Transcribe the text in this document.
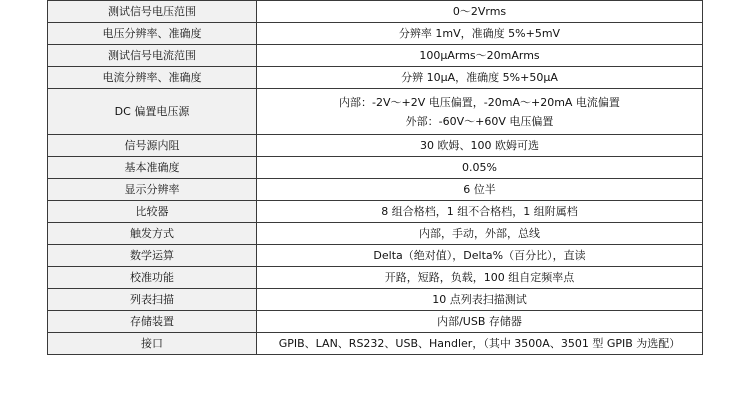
测试信号电压范围	0～2Vrms
电压分辨率、准确度	分辨率 1mV，准确度 5%+5mV
测试信号电流范围	100μArms～20mArms
电流分辨率、准确度	分辨 10μA，准确度 5%+50μA
DC 偏置电压源	内部：-2V～+2V 电压偏置，-20mA～+20mA 电流偏置
外部：-60V～+60V 电压偏置

信号源内阻	30 欧姆、100 欧姆可选
基本准确度	0.05%
显示分辨率	6 位半
比较器	8 组合格档，1 组不合格档，1 组附属档
触发方式	内部，手动，外部，总线
数学运算	Delta（绝对值），Delta%（百分比），直读
校准功能	开路，短路，负载，100 组自定频率点
列表扫描	10 点列表扫描测试
存储装置	内部/USB 存储器
接口	GPIB、LAN、RS232、USB、Handler，（其中 3500A、3501 型 GPIB 为选配）
